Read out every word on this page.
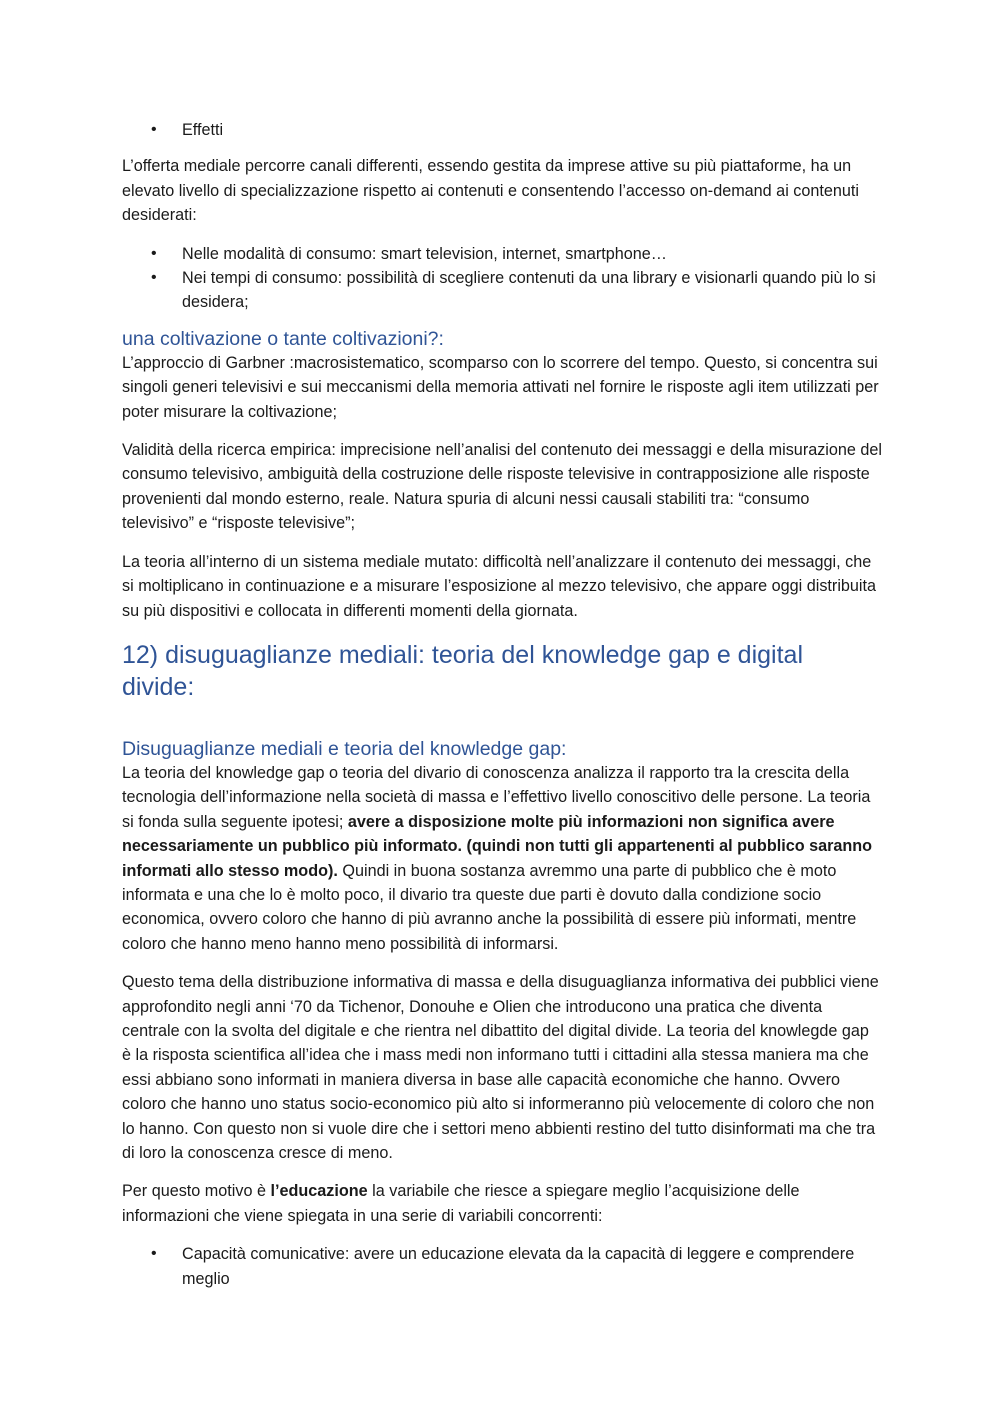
• Effetti

L’offerta mediale percorre canali differenti, essendo gestita da imprese attive su più piattaforme, ha un elevato livello di specializzazione rispetto ai contenuti e consentendo l’accesso on-demand ai contenuti desiderati:

• Nelle modalità di consumo: smart television, internet, smartphone…
• Nei tempi di consumo: possibilità di scegliere contenuti da una library e visionarli quando più lo si desidera;
una coltivazione o tante coltivazioni?:

L’approccio di Garbner :macrosistematico, scomparso con lo scorrere del tempo. Questo, si concentra sui singoli generi televisivi e sui meccanismi della memoria attivati nel fornire le risposte agli item utilizzati per poter misurare la coltivazione;

Validità della ricerca empirica: imprecisione nell’analisi del contenuto dei messaggi e della misurazione del consumo televisivo, ambiguità della costruzione delle risposte televisive in contrapposizione alle risposte provenienti dal mondo esterno, reale. Natura spuria di alcuni nessi causali stabiliti tra: “consumo televisivo” e “risposte televisive”;

La teoria all’interno di un sistema mediale mutato: difficoltà nell’analizzare il contenuto dei messaggi, che si moltiplicano in continuazione e a misurare l’esposizione al mezzo televisivo, che appare oggi distribuita su più dispositivi e collocata in differenti momenti della giornata.

12) disuguaglianze mediali: teoria del knowledge gap e digital divide:
Disuguaglianze mediali e teoria del knowledge gap:

La teoria del knowledge gap o teoria del divario di conoscenza analizza il rapporto tra la crescita della tecnologia dell’informazione nella società di massa e l’effettivo livello conoscitivo delle persone. La teoria si fonda sulla seguente ipotesi; avere a disposizione molte più informazioni non significa avere necessariamente un pubblico più informato. (quindi non tutti gli appartenenti al pubblico saranno informati allo stesso modo). Quindi in buona sostanza avremmo una parte di pubblico che è moto informata e una che lo è molto poco, il divario tra queste due parti è dovuto dalla condizione socio economica, ovvero coloro che hanno di più avranno anche la possibilità di essere più informati, mentre coloro che hanno meno hanno meno possibilità di informarsi.

Questo tema della distribuzione informativa di massa e della disuguaglianza informativa dei pubblici viene approfondito negli anni ‘70 da Tichenor, Donouhe e Olien che introducono una pratica che diventa centrale con la svolta del digitale e che rientra nel dibattito del digital divide. La teoria del knowlegde gap è la risposta scientifica all’idea che i mass medi non informano tutti i cittadini alla stessa maniera ma che essi abbiano sono informati in maniera diversa in base alle capacità economiche che hanno. Ovvero coloro che hanno uno status socio-economico più alto si informeranno più velocemente di coloro che non lo hanno. Con questo non si vuole dire che i settori meno abbienti restino del tutto disinformati ma che tra di loro la conoscenza cresce di meno.

Per questo motivo è l’educazione la variabile che riesce a spiegare meglio l’acquisizione delle informazioni che viene spiegata in una serie di variabili concorrenti:

• Capacità comunicative: avere un educazione elevata da la capacità di leggere e comprendere meglio
